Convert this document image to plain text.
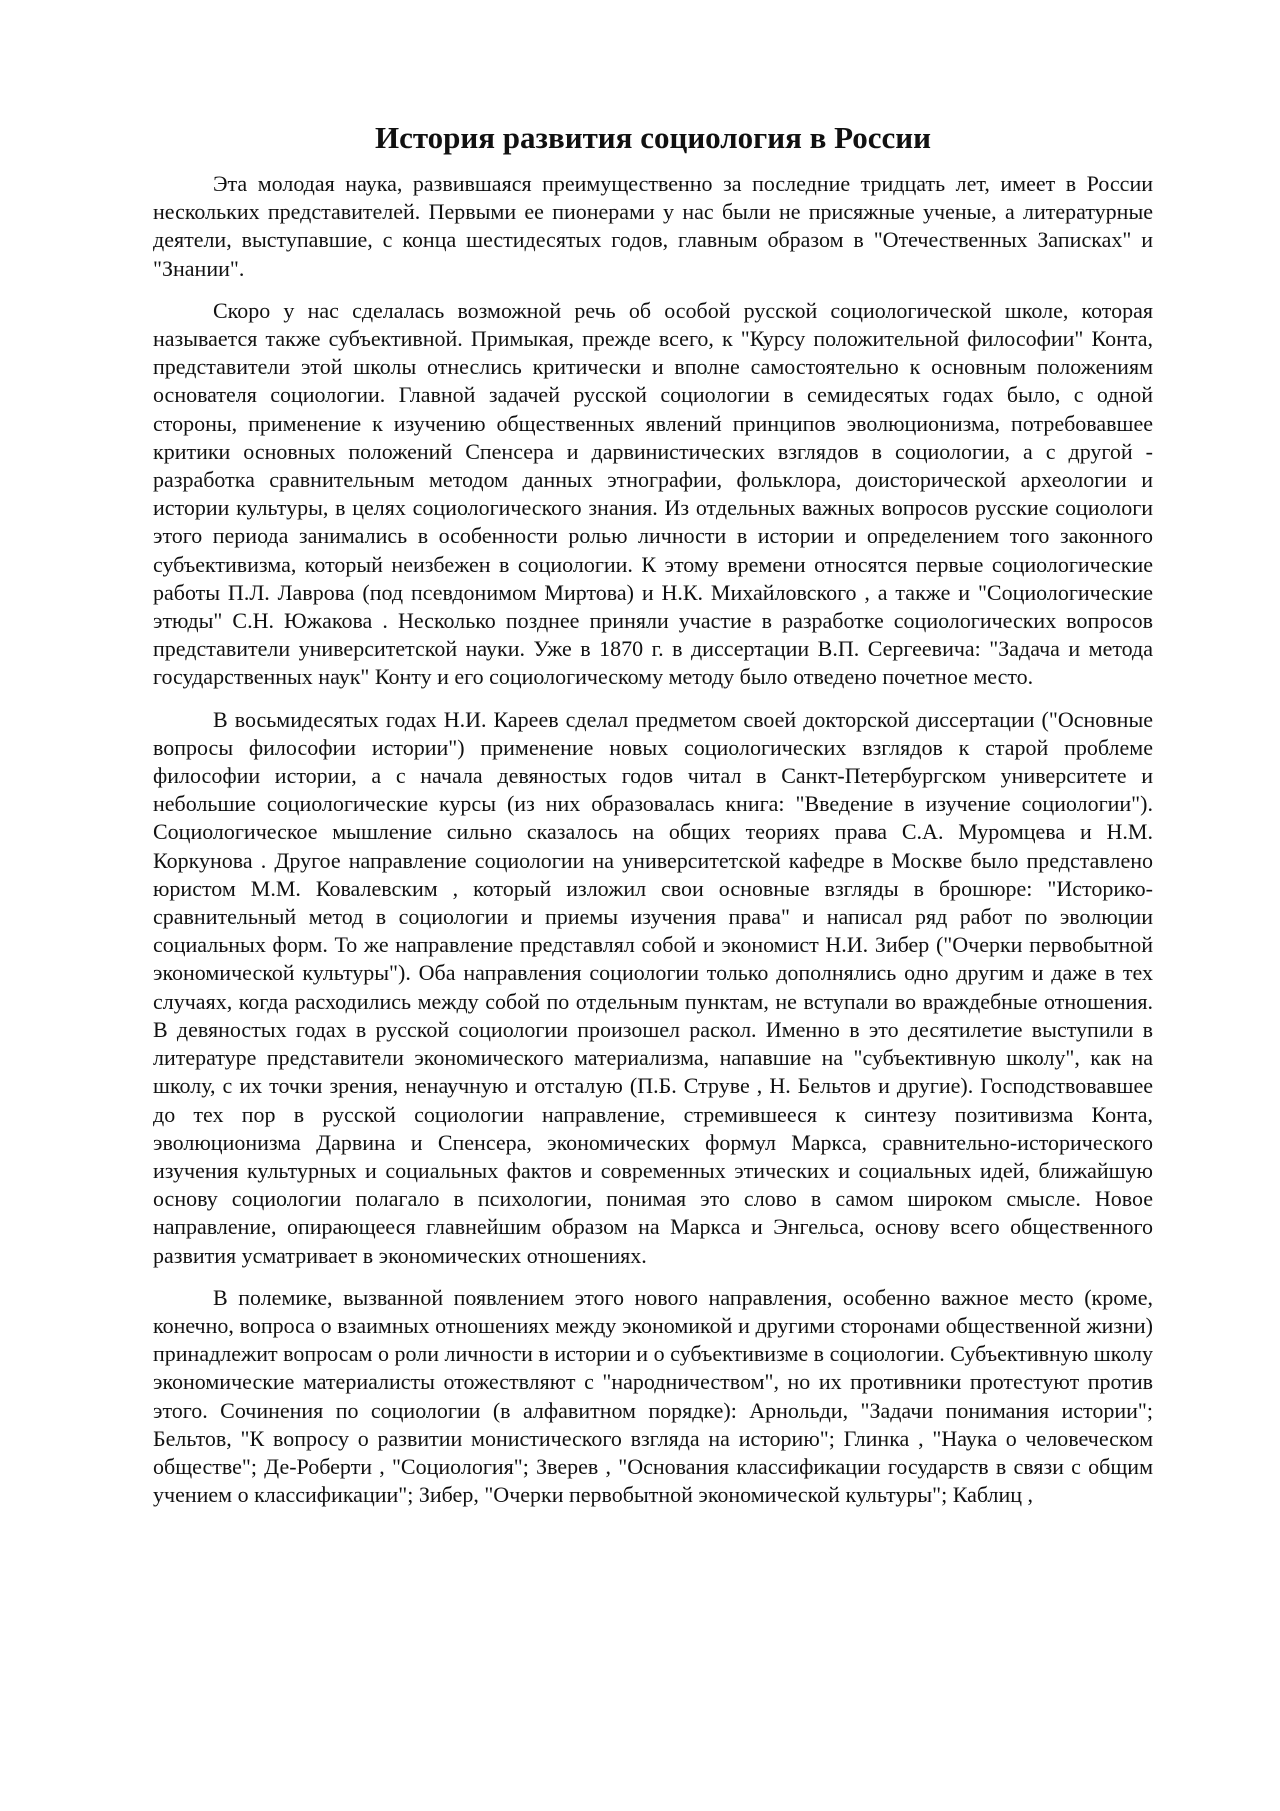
История развития социология в России

Эта молодая наука, развившаяся преимущественно за последние тридцать лет, имеет в России нескольких представителей. Первыми ее пионерами у нас были не присяжные ученые, а литературные деятели, выступавшие, с конца шестидесятых годов, главным образом в "Отечественных Записках" и "Знании".

Скоро у нас сделалась возможной речь об особой русской социологической школе, которая называется также субъективной. Примыкая, прежде всего, к "Курсу положительной философии" Конта, представители этой школы отнеслись критически и вполне самостоятельно к основным положениям основателя социологии. Главной задачей русской социологии в семидесятых годах было, с одной стороны, применение к изучению общественных явлений принципов эволюционизма, потребовавшее критики основных положений Спенсера и дарвинистических взглядов в социологии, а с другой - разработка сравнительным методом данных этнографии, фольклора, доисторической археологии и истории культуры, в целях социологического знания. Из отдельных важных вопросов русские социологи этого периода занимались в особенности ролью личности в истории и определением того законного субъективизма, который неизбежен в социологии. К этому времени относятся первые социологические работы П.Л. Лаврова (под псевдонимом Миртова) и Н.К. Михайловского , а также и "Социологические этюды" С.Н. Южакова . Несколько позднее приняли участие в разработке социологических вопросов представители университетской науки. Уже в 1870 г. в диссертации В.П. Сергеевича: "Задача и метода государственных наук" Конту и его социологическому методу было отведено почетное место.

В восьмидесятых годах Н.И. Кареев сделал предметом своей докторской диссертации ("Основные вопросы философии истории") применение новых социологических взглядов к старой проблеме философии истории, а с начала девяностых годов читал в Санкт-Петербургском университете и небольшие социологические курсы (из них образовалась книга: "Введение в изучение социологии"). Социологическое мышление сильно сказалось на общих теориях права С.А. Муромцева и Н.М. Коркунова . Другое направление социологии на университетской кафедре в Москве было представлено юристом М.М. Ковалевским , который изложил свои основные взгляды в брошюре: "Историко-сравнительный метод в социологии и приемы изучения права" и написал ряд работ по эволюции социальных форм. То же направление представлял собой и экономист Н.И. Зибер ("Очерки первобытной экономической культуры"). Оба направления социологии только дополнялись одно другим и даже в тех случаях, когда расходились между собой по отдельным пунктам, не вступали во враждебные отношения. В девяностых годах в русской социологии произошел раскол. Именно в это десятилетие выступили в литературе представители экономического материализма, напавшие на "субъективную школу", как на школу, с их точки зрения, ненаучную и отсталую (П.Б. Струве , Н. Бельтов и другие). Господствовавшее до тех пор в русской социологии направление, стремившееся к синтезу позитивизма Конта, эволюционизма Дарвина и Спенсера, экономических формул Маркса, сравнительно-исторического изучения культурных и социальных фактов и современных этических и социальных идей, ближайшую основу социологии полагало в психологии, понимая это слово в самом широком смысле. Новое направление, опирающееся главнейшим образом на Маркса и Энгельса, основу всего общественного развития усматривает в экономических отношениях.

В полемике, вызванной появлением этого нового направления, особенно важное место (кроме, конечно, вопроса о взаимных отношениях между экономикой и другими сторонами общественной жизни) принадлежит вопросам о роли личности в истории и о субъективизме в социологии. Субъективную школу экономические материалисты отожествляют с "народничеством", но их противники протестуют против этого. Сочинения по социологии (в алфавитном порядке): Арнольди, "Задачи понимания истории"; Бельтов, "К вопросу о развитии монистического взгляда на историю"; Глинка , "Наука о человеческом обществе"; Де-Роберти , "Социология"; Зверев , "Основания классификации государств в связи с общим учением о классификации"; Зибер, "Очерки первобытной экономической культуры"; Каблиц ,
